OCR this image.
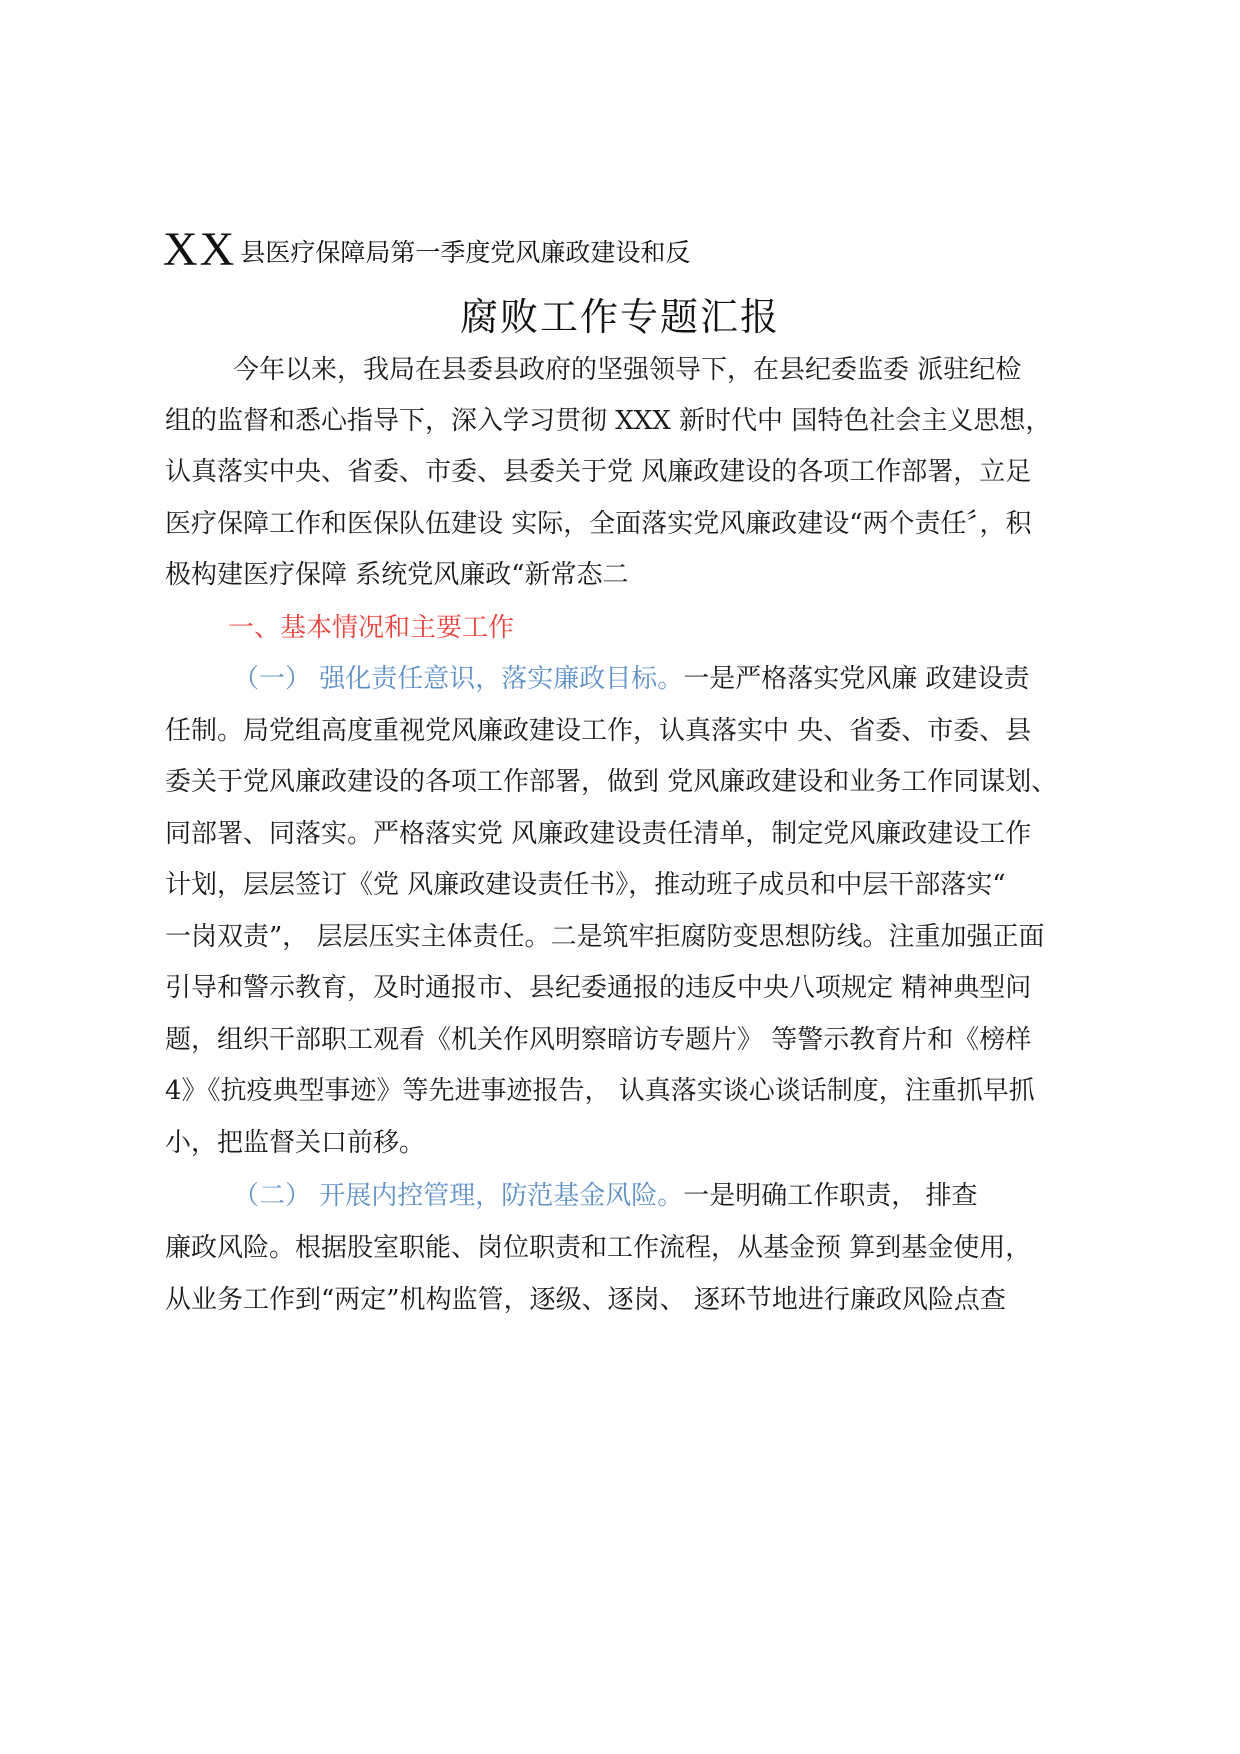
XX 县医疗保障局第一季度党风廉政建设和反
腐败工作专题汇报
今年以来，我局在县委县政府的坚强领导下，在县纪委监委 派驻纪检
组的监督和悉心指导下，深入学习贯彻 XXX 新时代中 国特色社会主义思想，
认真落实中央、省委、市委、县委关于党 风廉政建设的各项工作部署，立足
医疗保障工作和医保队伍建设 实际，全面落实党风廉政建设“两个责任〞，积
极构建医疗保障 系统党风廉政“新常态二
一、基本情况和主要工作
（一） 强化责任意识，落实廉政目标。一是严格落实党风廉 政建设责
任制。局党组高度重视党风廉政建设工作，认真落实中 央、省委、市委、县
委关于党风廉政建设的各项工作部署，做到 党风廉政建设和业务工作同谋划、
同部署、同落实。严格落实党 风廉政建设责任清单，制定党风廉政建设工作
计划，层层签订《党 风廉政建设责任书》，推动班子成员和中层干部落实“
一岗双责”， 层层压实主体责任。二是筑牢拒腐防变思想防线。注重加强正面
引导和警示教育，及时通报市、县纪委通报的违反中央八项规定 精神典型问
题，组织干部职工观看《机关作风明察暗访专题片》 等警示教育片和《榜样
4》《抗疫典型事迹》等先进事迹报告， 认真落实谈心谈话制度，注重抓早抓
小，把监督关口前移。
（二） 开展内控管理，防范基金风险。一是明确工作职责， 排查
廉政风险。根据股室职能、岗位职责和工作流程，从基金预 算到基金使用，
从业务工作到“两定”机构监管，逐级、逐岗、 逐环节地进行廉政风险点查
